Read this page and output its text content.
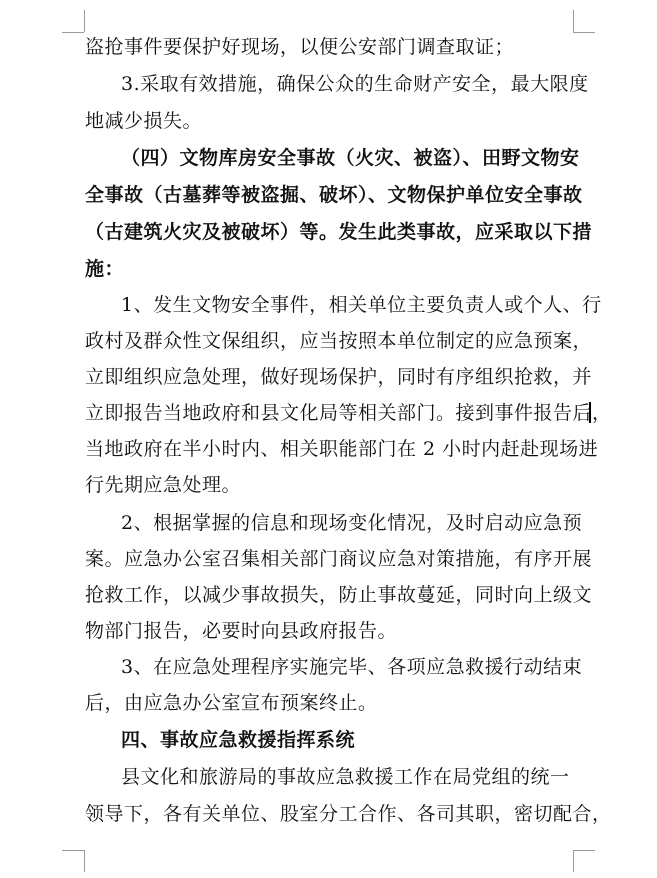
盗抢事件要保护好现场，以便公安部门调查取证；
3.采取有效措施，确保公众的生命财产安全，最大限度
地减少损失。
（四）文物库房安全事故（火灾、被盗）、田野文物安
全事故（古墓葬等被盗掘、破坏）、文物保护单位安全事故
（古建筑火灾及被破坏）等。发生此类事故，应采取以下措
施：
1、发生文物安全事件，相关单位主要负责人或个人、行
政村及群众性文保组织，应当按照本单位制定的应急预案，
立即组织应急处理，做好现场保护，同时有序组织抢救，并
立即报告当地政府和县文化局等相关部门。接到事件报告后，
当地政府在半小时内、相关职能部门在 2 小时内赶赴现场进
行先期应急处理。
2、根据掌握的信息和现场变化情况，及时启动应急预
案。应急办公室召集相关部门商议应急对策措施，有序开展
抢救工作，以减少事故损失，防止事故蔓延，同时向上级文
物部门报告，必要时向县政府报告。
3、在应急处理程序实施完毕、各项应急救援行动结束
后，由应急办公室宣布预案终止。
四、事故应急救援指挥系统
县文化和旅游局的事故应急救援工作在局党组的统一
领导下，各有关单位、股室分工合作、各司其职，密切配合，
